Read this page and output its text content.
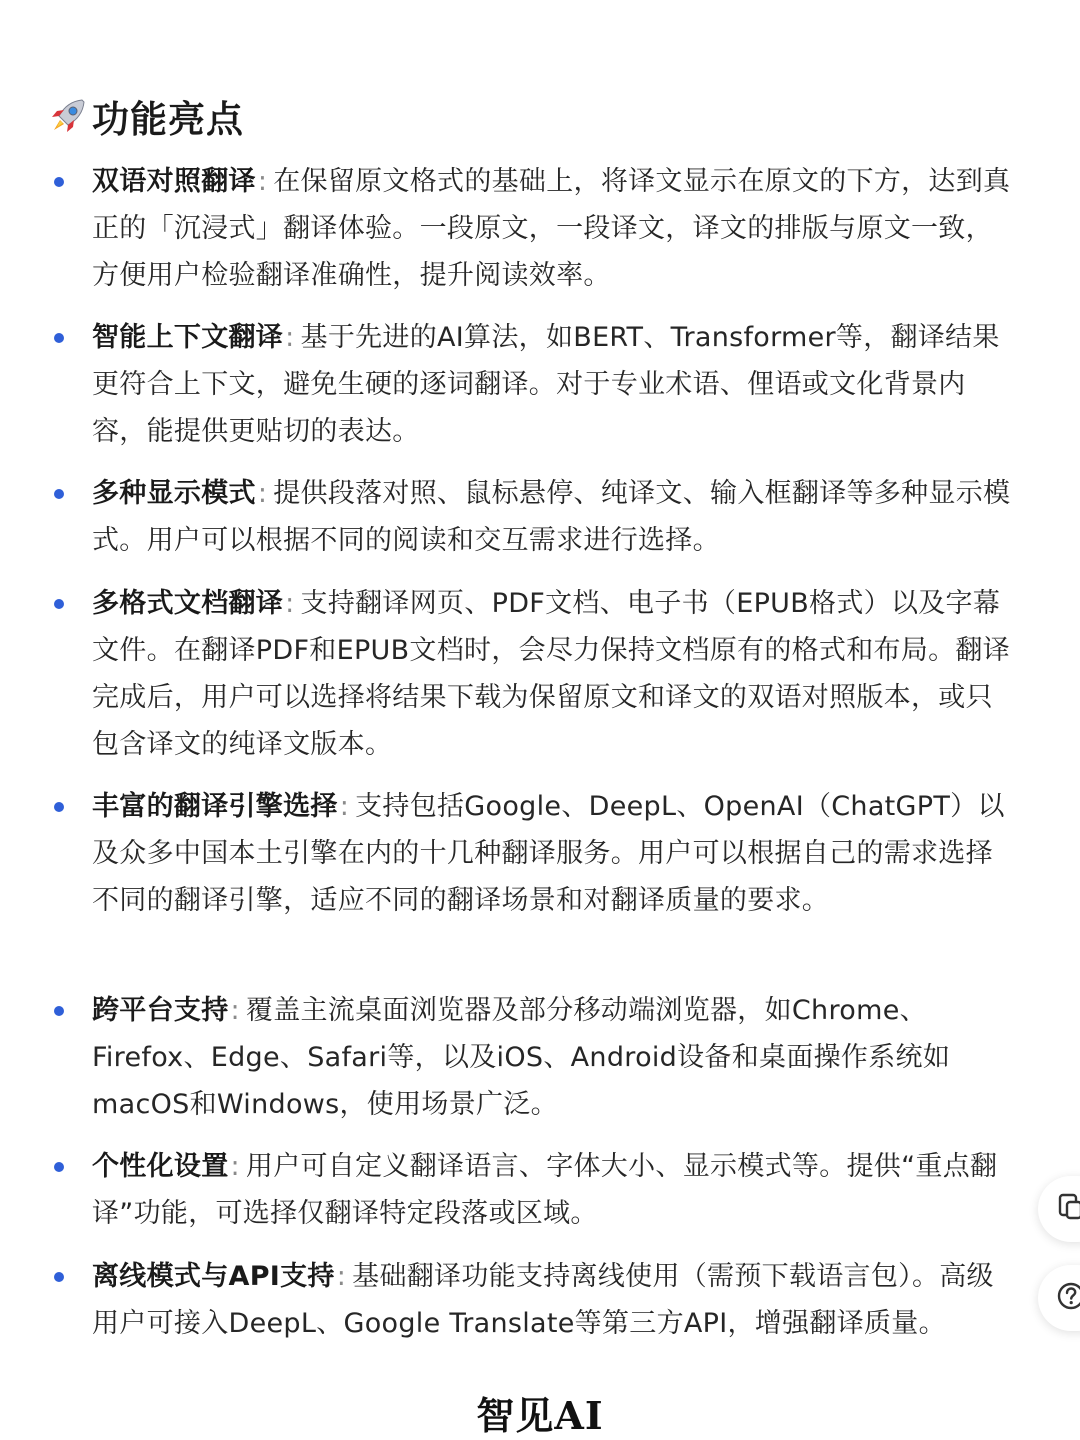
功能亮点
双语对照翻译: 在保留原文格式的基础上，将译文显示在原文的下方，达到真正的「沉浸式」翻译体验。一段原文，一段译文，译文的排版与原文一致，方便用户检验翻译准确性，提升阅读效率。
智能上下文翻译: 基于先进的AI算法，如BERT、Transformer等，翻译结果更符合上下文，避免生硬的逐词翻译。对于专业术语、俚语或文化背景内容，能提供更贴切的表达。
多种显示模式: 提供段落对照、鼠标悬停、纯译文、输入框翻译等多种显示模式。用户可以根据不同的阅读和交互需求进行选择。
多格式文档翻译: 支持翻译网页、PDF文档、电子书（EPUB格式）以及字幕文件。在翻译PDF和EPUB文档时，会尽力保持文档原有的格式和布局。翻译完成后，用户可以选择将结果下载为保留原文和译文的双语对照版本，或只包含译文的纯译文版本。
丰富的翻译引擎选择: 支持包括Google、DeepL、OpenAI（ChatGPT）以及众多中国本土引擎在内的十几种翻译服务。用户可以根据自己的需求选择不同的翻译引擎，适应不同的翻译场景和对翻译质量的要求。
跨平台支持: 覆盖主流桌面浏览器及部分移动端浏览器，如Chrome、Firefox、Edge、Safari等，以及iOS、Android设备和桌面操作系统如macOS和Windows，使用场景广泛。
个性化设置: 用户可自定义翻译语言、字体大小、显示模式等。提供“重点翻译”功能，可选择仅翻译特定段落或区域。
离线模式与API支持: 基础翻译功能支持离线使用（需预下载语言包）。高级用户可接入DeepL、Google Translate等第三方API，增强翻译质量。
智见AI
